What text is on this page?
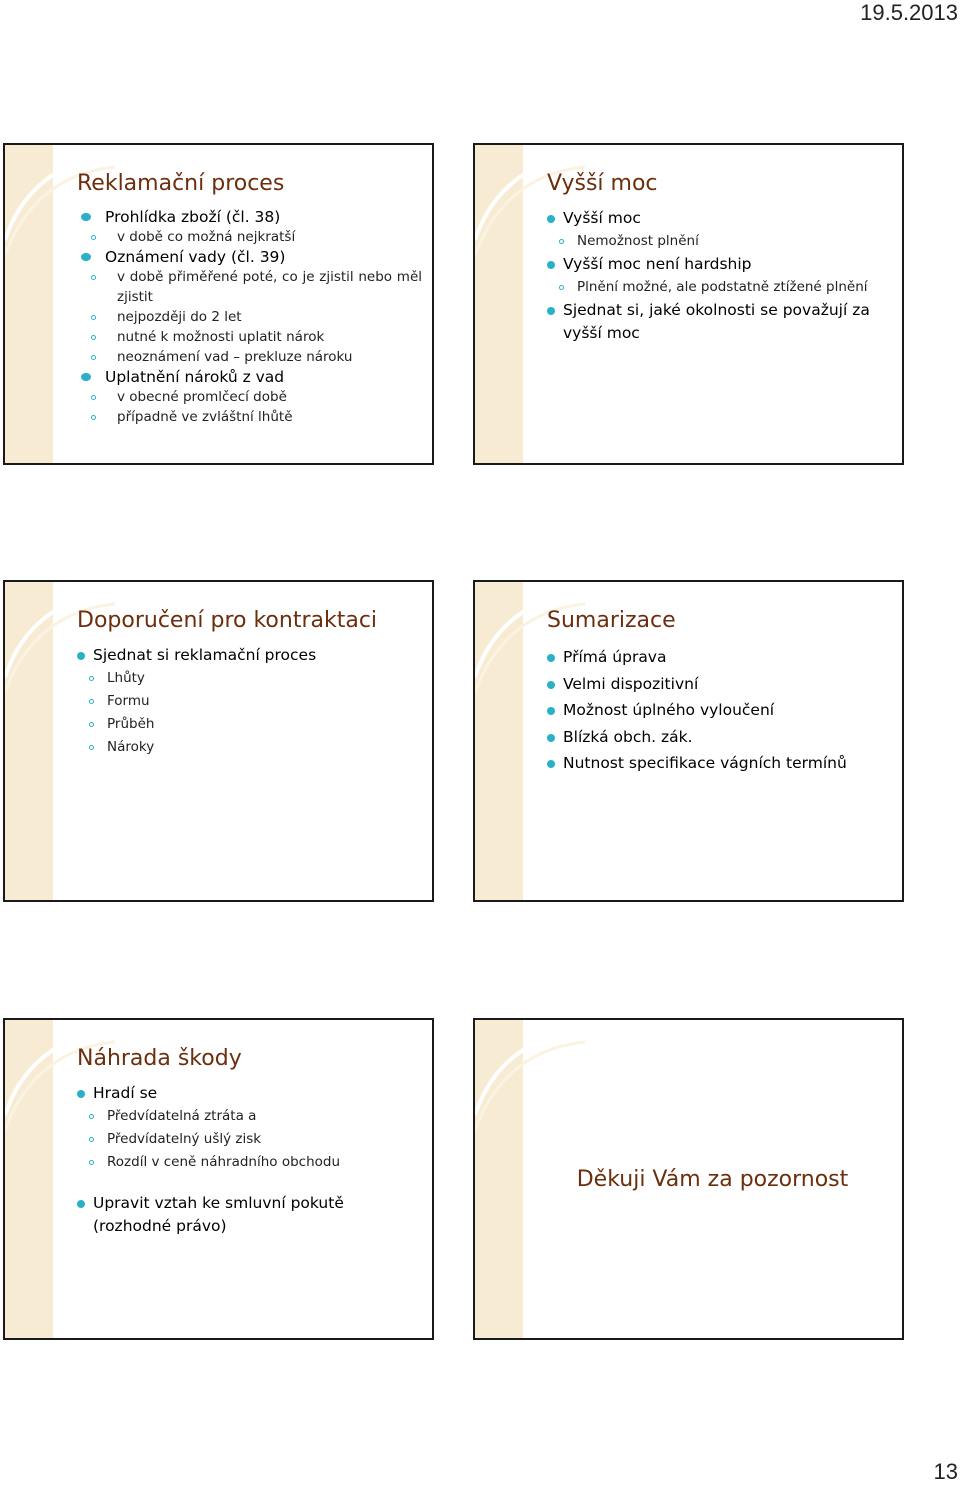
19.5.2013
Reklamační proces
Prohlídka zboží (čl. 38)
v době co možná nejkratší
Oznámení vady (čl. 39)
v době přiměřené poté, co je zjistil nebo měl zjistit
nejpozději do 2 let
nutné k možnosti uplatit nárok
neoznámení vad – prekluze nároku
Uplatnění nároků z vad
v obecné promlčecí době
případně ve zvláštní lhůtě
Vyšší moc
Vyšší moc
Nemožnost plnění
Vyšší moc není hardship
Plnění možné, ale podstatně ztížené plnění
Sjednat si, jaké okolnosti se považují za vyšší moc
Doporučení pro kontraktaci
Sjednat si reklamační proces
Lhůty
Formu
Průběh
Nároky
Sumarizace
Přímá úprava
Velmi dispozitivní
Možnost úplného vyloučení
Blízká obch. zák.
Nutnost specifikace vágních termínů
Náhrada škody
Hradí se
Předvídatelná ztráta a
Předvídatelný ušlý zisk
Rozdíl v ceně náhradního obchodu
Upravit vztah ke smluvní pokutě (rozhodné právo)
Děkuji Vám za pozornost
13
